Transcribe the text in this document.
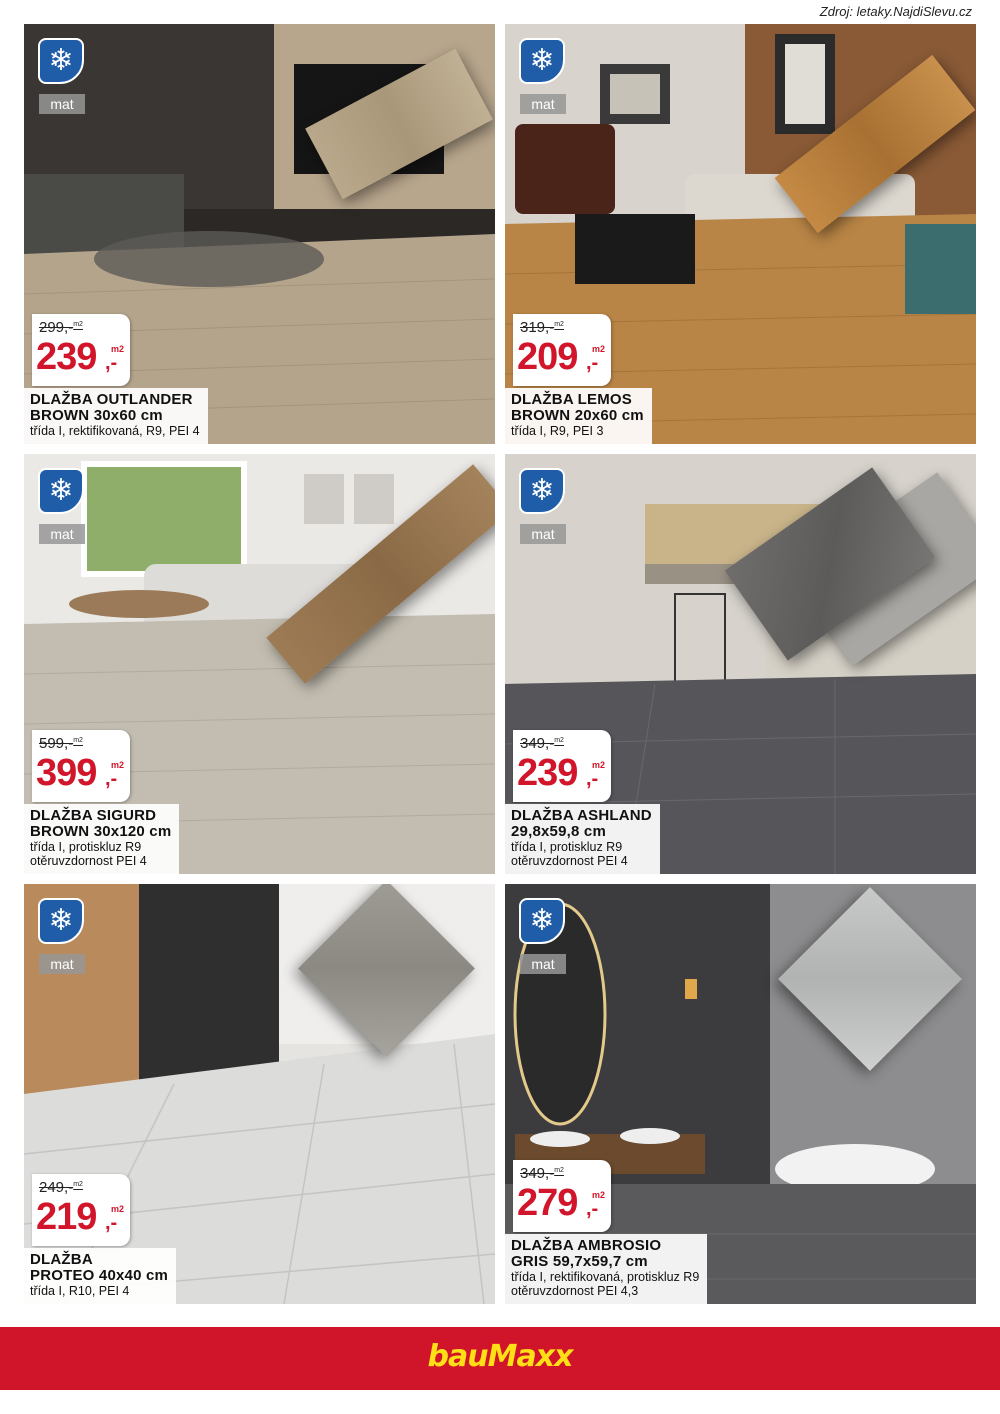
Zdroj: letaky.NajdiSlevu.cz
❄
mat
299,-$^{m2}$
239 m2
,-
DLAŽBA OUTLANDER
BROWN 30x60 cm
třída I, rektifikovaná, R9, PEI 4
❄
mat
319,-$^{m2}$
209 m2
,-
DLAŽBA LEMOS
BROWN 20x60 cm
třída I, R9, PEI 3
❄
mat
599,-$^{m2}$
399 m2
,-
DLAŽBA SIGURD
BROWN 30x120 cm
třída I, protiskluz R9
otěruvzdornost PEI 4
❄
mat
349,-$^{m2}$
239 m2
,-
DLAŽBA ASHLAND
29,8x59,8 cm
třída I, protiskluz R9
otěruvzdornost PEI 4
❄
mat
249,-$^{m2}$
219 m2
,-
DLAŽBA
PROTEO 40x40 cm
třída I, R10, PEI 4
❄
mat
349,-$^{m2}$
279 m2
,-
DLAŽBA AMBROSIO
GRIS 59,7x59,7 cm
třída I, rektifikovaná, protiskluz R9
otěruvzdornost PEI 4,3
bauMaxx
